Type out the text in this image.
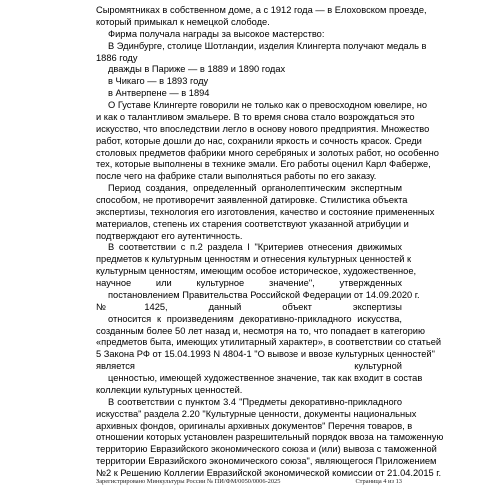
Сыромятниках в собственном доме, а с 1912 года — в Елоховском проезде,
который примыкал к немецкой слободе.
Фирма получала награды за высокое мастерство:
В Эдинбурге, столице Шотландии, изделия Клингерта получают медаль в
1886 году
дважды в Париже — в 1889 и 1890 годах
в Чикаго — в 1893 году
в Антверпене — в 1894
О Густаве Клингерте говорили не только как о превосходном ювелире, но
и как о талантливом эмальере. В то время снова стало возрождаться это
искусство, что впоследствии легло в основу нового предприятия. Множество
работ, которые дошли до нас, сохранили яркость и сочность красок. Среди
столовых предметов фабрики много серебряных и золотых работ, но особенно
тех, которые выполнены в технике эмали. Его работы оценил Карл Фаберже,
после чего на фабрике стали выполняться работы по его заказу.
Период создания, определенный органолептическим экспертным
способом, не противоречит заявленной датировке. Стилистика объекта
экспертизы, технология его изготовления, качество и состояние примененных
материалов, степень их старения соответствуют указанной атрибуции и
подтверждают его аутентичность.
В соответствии с п.2 раздела I "Критериев отнесения движимых
предметов к культурным ценностям и отнесения культурных ценностей к
культурным ценностям, имеющим особое историческое, художественное,
научное или культурное значение", утвержденных
постановлением Правительства Российской Федерации от 14.09.2020 г.
№1425, данный объект экспертизы
относится к произведениям декоративно-прикладного искусства,
созданным более 50 лет назад и, несмотря на то, что попадает в категорию
«предметов быта, имеющих утилитарный характер», в соответствии со статьей
5 Закона РФ от 15.04.1993 N 4804-1 "О вывозе и ввозе культурных ценностей"
является культурной
ценностью, имеющей художественное значение, так как входит в состав
коллекции культурных ценностей.
В соответствии с пунктом 3.4 "Предметы декоративно-прикладного
искусства" раздела 2.20 "Культурные ценности, документы национальных
архивных фондов, оригиналы архивных документов" Перечня товаров, в
отношении которых установлен разрешительный порядок ввоза на таможенную
территорию Евразийского экономического союза и (или) вывоза с таможенной
территории Евразийского экономического союза", являющегося Приложением
№2 к Решению Коллегии Евразийской экономической комиссии от 21.04.2015 г.
Зарегистрировано Минкультуры России № ПИ/ФМ/0050/0006-2025	Страница 4 из 13
